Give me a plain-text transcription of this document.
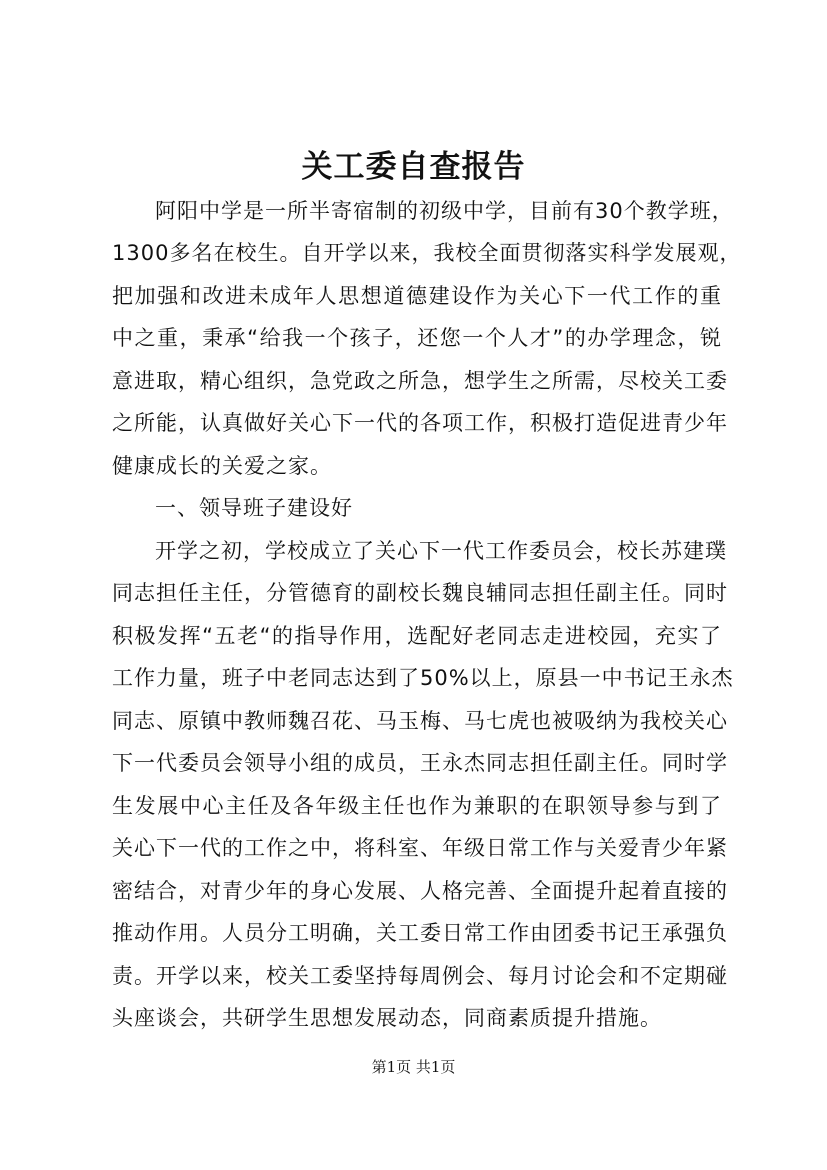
关工委自查报告
阿阳中学是一所半寄宿制的初级中学，目前有30个教学班，
1300多名在校生。自开学以来，我校全面贯彻落实科学发展观，
把加强和改进未成年人思想道德建设作为关心下一代工作的重
中之重，秉承“给我一个孩子，还您一个人才”的办学理念，锐
意进取，精心组织，急党政之所急，想学生之所需，尽校关工委
之所能，认真做好关心下一代的各项工作，积极打造促进青少年
健康成长的关爱之家。
一、领导班子建设好
开学之初，学校成立了关心下一代工作委员会，校长苏建璞
同志担任主任，分管德育的副校长魏良辅同志担任副主任。同时
积极发挥“五老“的指导作用，选配好老同志走进校园，充实了
工作力量，班子中老同志达到了50%以上，原县一中书记王永杰
同志、原镇中教师魏召花、马玉梅、马七虎也被吸纳为我校关心
下一代委员会领导小组的成员，王永杰同志担任副主任。同时学
生发展中心主任及各年级主任也作为兼职的在职领导参与到了
关心下一代的工作之中，将科室、年级日常工作与关爱青少年紧
密结合，对青少年的身心发展、人格完善、全面提升起着直接的
推动作用。人员分工明确，关工委日常工作由团委书记王承强负
责。开学以来，校关工委坚持每周例会、每月讨论会和不定期碰
头座谈会，共研学生思想发展动态，同商素质提升措施。
第1页 共1页
